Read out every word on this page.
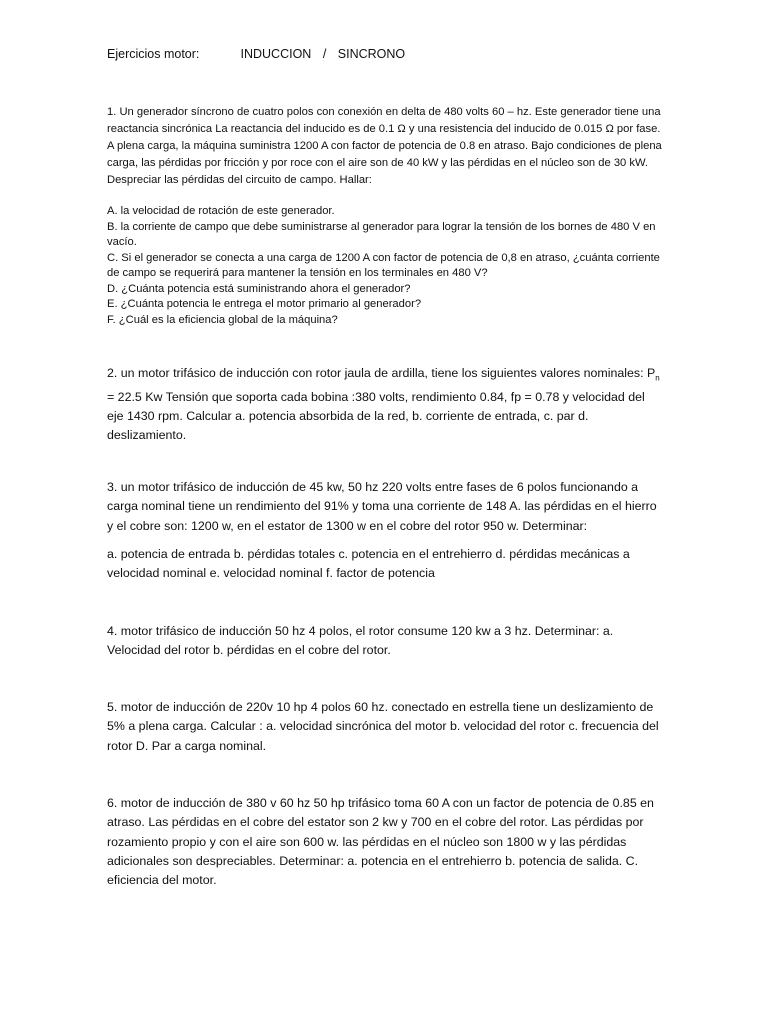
Ejercicios motor:	INDUCCION / SINCRONO

1. Un generador síncrono de cuatro polos con conexión en delta de 480 volts 60 – hz. Este generador tiene una reactancia sincrónica La reactancia del inducido es de 0.1 Ω y una resistencia del inducido de 0.015 Ω por fase. A plena carga, la máquina suministra 1200 A con factor de potencia de 0.8 en atraso. Bajo condiciones de plena carga, las pérdidas por fricción y por roce con el aire son de 40 kW y las pérdidas en el núcleo son de 30 kW. Despreciar las pérdidas del circuito de campo. Hallar:

A. la velocidad de rotación de este generador.
B. la corriente de campo que debe suministrarse al generador para lograr la tensión de los bornes de 480 V en vacío.
C. Si el generador se conecta a una carga de 1200 A con factor de potencia de 0,8 en atraso, ¿cuánta corriente de campo se requerirá para mantener la tensión en los terminales en 480 V?
D. ¿Cuánta potencia está suministrando ahora el generador?
E. ¿Cuánta potencia le entrega el motor primario al generador?
F. ¿Cuál es la eficiencia global de la máquina?

2. un motor trifásico de inducción con rotor jaula de ardilla, tiene los siguientes valores nominales: $P_n = 22.5$ Kw Tensión que soporta cada bobina :380 volts, rendimiento 0.84, fp = 0.78 y velocidad del eje 1430 rpm. Calcular a. potencia absorbida de la red, b. corriente de entrada, c. par d. deslizamiento.

3. un motor trifásico de inducción de 45 kw, 50 hz 220 volts entre fases de 6 polos funcionando a carga nominal tiene un rendimiento del 91% y toma una corriente de 148 A. las pérdidas en el hierro y el cobre son: 1200 w, en el estator de 1300 w en el cobre del rotor 950 w. Determinar:

a. potencia de entrada b. pérdidas totales c. potencia en el entrehierro d. pérdidas mecánicas a velocidad nominal e. velocidad nominal f. factor de potencia

4. motor trifásico de inducción 50 hz 4 polos, el rotor consume 120 kw a 3 hz. Determinar: a. Velocidad del rotor b. pérdidas en el cobre del rotor.

5. motor de inducción de 220v 10 hp 4 polos 60 hz. conectado en estrella tiene un deslizamiento de 5% a plena carga. Calcular : a. velocidad sincrónica del motor b. velocidad del rotor c. frecuencia del rotor D. Par a carga nominal.

6. motor de inducción de 380 v 60 hz 50 hp trifásico toma 60 A con un factor de potencia de 0.85 en atraso. Las pérdidas en el cobre del estator son 2 kw y 700 en el cobre del rotor. Las pérdidas por rozamiento propio y con el aire son 600 w. las pérdidas en el núcleo son 1800 w y las pérdidas adicionales son despreciables. Determinar: a. potencia en el entrehierro b. potencia de salida. C. eficiencia del motor.
